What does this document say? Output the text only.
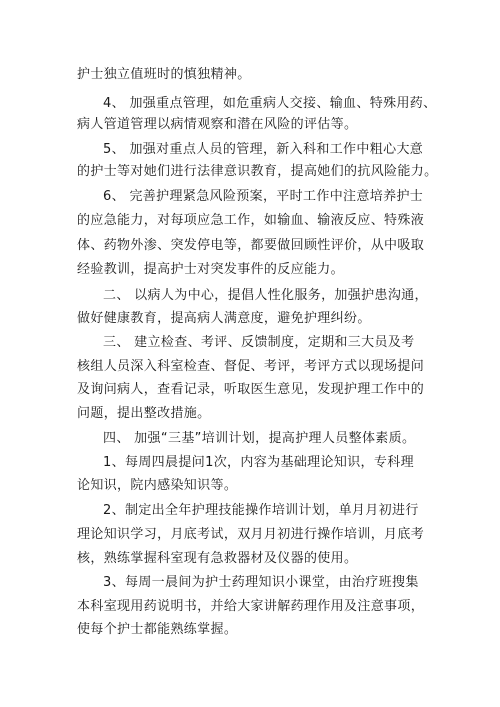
护士独立值班时的慎独精神。
4、 加强重点管理，如危重病人交接、输血、特殊用药、
病人管道管理以病情观察和潜在风险的评估等。
5、 加强对重点人员的管理，新入科和工作中粗心大意
的护士等对她们进行法律意识教育，提高她们的抗风险能力。
6、 完善护理紧急风险预案，平时工作中注意培养护士
的应急能力，对每项应急工作，如输血、输液反应、特殊液
体、药物外渗、突发停电等，都要做回顾性评价，从中吸取
经验教训，提高护士对突发事件的反应能力。
二、 以病人为中心，提倡人性化服务，加强护患沟通，
做好健康教育，提高病人满意度，避免护理纠纷。
三、 建立检查、考评、反馈制度，定期和三大员及考
核组人员深入科室检查、督促、考评，考评方式以现场提问
及询问病人，查看记录，听取医生意见，发现护理工作中的
问题，提出整改措施。
四、 加强“三基”培训计划，提高护理人员整体素质。
1、每周四晨提问1次，内容为基础理论知识，专科理
论知识，院内感染知识等。
2、制定出全年护理技能操作培训计划，单月月初进行
理论知识学习，月底考试，双月月初进行操作培训，月底考
核，熟练掌握科室现有急救器材及仪器的使用。
3、每周一晨间为护士药理知识小课堂，由治疗班搜集
本科室现用药说明书，并给大家讲解药理作用及注意事项，
使每个护士都能熟练掌握。
